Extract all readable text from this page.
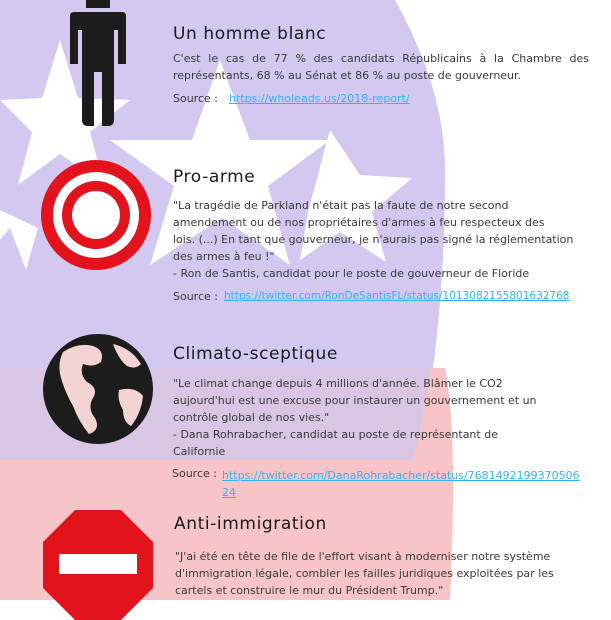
Un homme blanc
C'est le cas de 77 % des candidats Républicains à la Chambre des représentants, 68 % au Sénat et 86 % au poste de gouverneur.
Source : https://wholeads.us/2018-report/
Pro-arme
"La tragédie de Parkland n'était pas la faute de notre second
amendement ou de nos propriétaires d'armes à feu respecteux des
lois. (...) En tant que gouverneur, je n'aurais pas signé la réglementation
des armes à feu !"
- Ron de Santis, candidat pour le poste de gouverneur de Floride
Source : https://twitter.com/RonDeSantisFL/status/1013082155801632768
Climato-sceptique
"Le climat change depuis 4 millions d'année. Blâmer le CO2
aujourd'hui est une excuse pour instaurer un gouvernement et un
contrôle global de nos vies."
- Dana Rohrabacher, candidat au poste de représentant de
Californie
Source : https://twitter.com/DanaRohrabacher/status/7681492199370506
24
Anti-immigration
"J'ai été en tête de file de l'effort visant à moderniser notre système
d'immigration légale, combler les failles juridiques exploitées par les
cartels et construire le mur du Président Trump."
